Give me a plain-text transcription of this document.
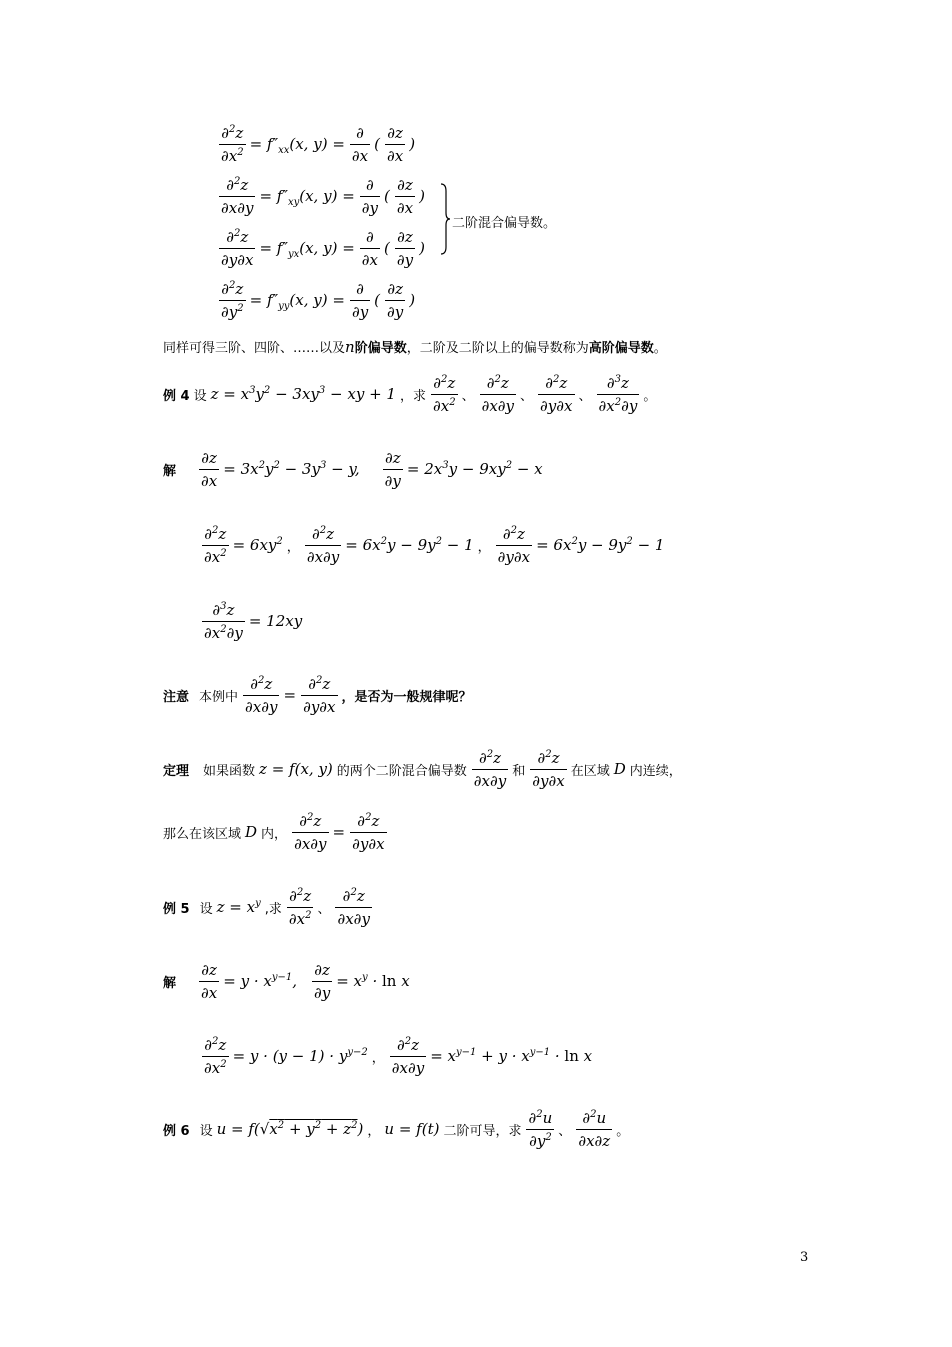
$\frac{\partial^2z}{\partial x^2} = f''_{xx}(x$, $y) = \frac{\partial}{\partial x}$ ( $\frac{\partial z}{\partial x}$ )
$\frac{\partial^2z}{\partial x\partial y} = f''_{xy}(x$, $y) = \frac{\partial}{\partial y}$ ( $\frac{\partial z}{\partial x}$ )
$\frac{\partial^2z}{\partial y\partial x} = f''_{yx}(x$, $y) = \frac{\partial}{\partial x}$ ( $\frac{\partial z}{\partial y}$ )
$\frac{\partial^2z}{\partial y^2} = f''_{yy}(x$, $y) = \frac{\partial}{\partial y}$ ( $\frac{\partial z}{\partial y}$ )
二阶混合偏导数。
同样可得三阶、四阶、……以及n阶偏导数，二阶及二阶以上的偏导数称为高阶偏导数。
例 4 设 $z = x^3y^2 - 3xy^3$ − xy + 1 ，求 $\frac{\partial^2z}{\partial x^2}$ 、 $\frac{\partial^2z}{\partial x\partial y}$ 、 $\frac{\partial^2z}{\partial y\partial x}$ 、 $\frac{\partial^3z}{\partial x^2\partial y}$ 。
解 $\frac{\partial z}{\partial x} = 3x^2y^2 - 3y^3 - y$, $\frac{\partial z}{\partial y} = 2x^3y - 9xy^2 - x$
$\frac{\partial^2z}{\partial x^2} = 6xy^2$ ， $\frac{\partial^2z}{\partial x\partial y} = 6x^2y - 9y^2 - 1$ ， $\frac{\partial^2z}{\partial y\partial x} = 6x^2y - 9y^2 - 1$
$\frac{\partial^3z}{\partial x^2\partial y} = 12xy$
注意 本例中 $\frac{\partial^2z}{\partial x\partial y} = \frac{\partial^2z}{\partial y\partial x}$ ，是否为一般规律呢？
定理 如果函数 z = f(x, y) 的两个二阶混合偏导数 $\frac{\partial^2z}{\partial x\partial y}$ 和 $\frac{\partial^2z}{\partial y\partial x}$ 在区域 D 内连续，
那么在该区域 D 内， $\frac{\partial^2z}{\partial x\partial y} = \frac{\partial^2z}{\partial y\partial x}$
例 5 设 $z = x^y$ ,求 $\frac{\partial^2z}{\partial x^2}$ 、 $\frac{\partial^2z}{\partial x\partial y}$
解 $\frac{\partial z}{\partial x} = y \cdot x^{y-1}$, $\frac{\partial z}{\partial y} = x^y \cdot \ln x$
$\frac{\partial^2z}{\partial x^2} = y \cdot (y - 1) \cdot y^{y-2}$ ， $\frac{\partial^2z}{\partial x\partial y} = x^{y-1} + y \cdot x^{y-1} \cdot \ln x$
例 6 设 $u = f(√x^2 + y^2 + z^2)$ ， u = f(t) 二阶可导，求 $\frac{\partial^2u}{\partial y^2}$ 、 $\frac{\partial^2u}{\partial x\partial z}$ 。
3
